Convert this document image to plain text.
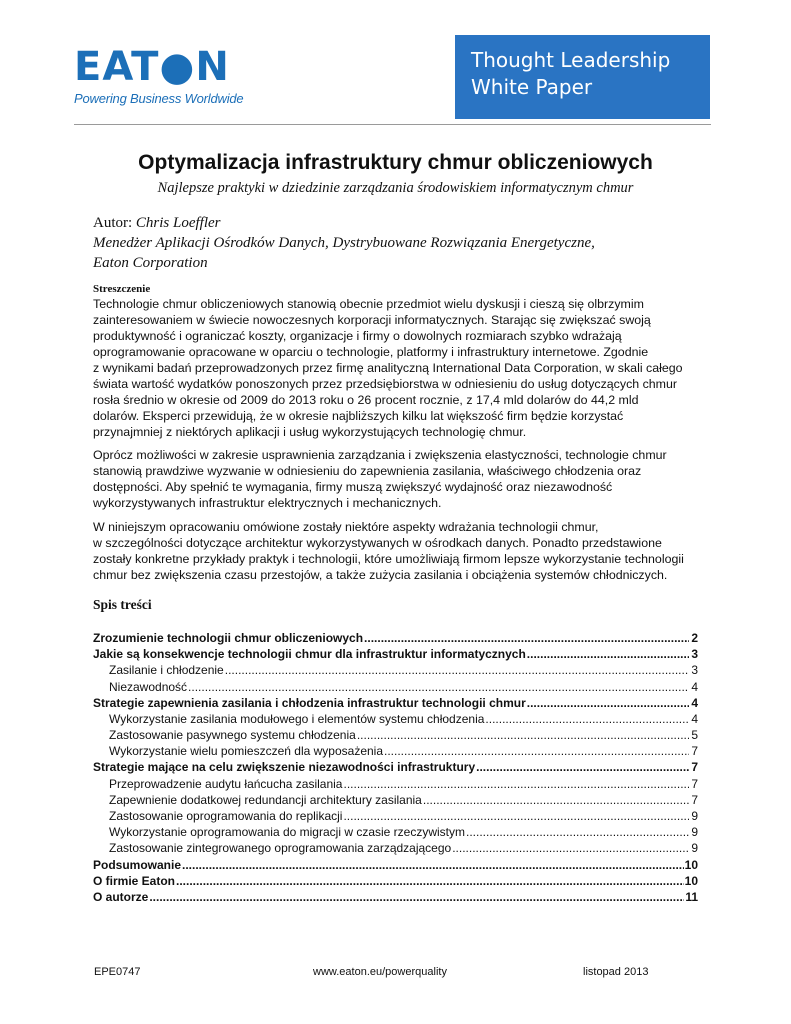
EAT●N
Powering Business Worldwide
Thought Leadership
White Paper
Optymalizacja infrastruktury chmur obliczeniowych
Najlepsze praktyki w dziedzinie zarządzania środowiskiem informatycznym chmur
Autor: Chris Loeffler
Menedżer Aplikacji Ośrodków Danych, Dystrybuowane Rozwiązania Energetyczne,
Eaton Corporation
Streszczenie
Technologie chmur obliczeniowych stanowią obecnie przedmiot wielu dyskusji i cieszą się olbrzymim
zainteresowaniem w świecie nowoczesnych korporacji informatycznych. Starając się zwiększać swoją
produktywność i ograniczać koszty, organizacje i firmy o dowolnych rozmiarach szybko wdrażają
oprogramowanie opracowane w oparciu o technologie, platformy i infrastruktury internetowe. Zgodnie
z wynikami badań przeprowadzonych przez firmę analityczną International Data Corporation, w skali całego
świata wartość wydatków ponoszonych przez przedsiębiorstwa w odniesieniu do usług dotyczących chmur
rosła średnio w okresie od 2009 do 2013 roku o 26 procent rocznie, z 17,4 mld dolarów do 44,2 mld
dolarów. Eksperci przewidują, że w okresie najbliższych kilku lat większość firm będzie korzystać
przynajmniej z niektórych aplikacji i usług wykorzystujących technologię chmur.
Oprócz możliwości w zakresie usprawnienia zarządzania i zwiększenia elastyczności, technologie chmur
stanowią prawdziwe wyzwanie w odniesieniu do zapewnienia zasilania, właściwego chłodzenia oraz
dostępności. Aby spełnić te wymagania, firmy muszą zwiększyć wydajność oraz niezawodność
wykorzystywanych infrastruktur elektrycznych i mechanicznych.
W niniejszym opracowaniu omówione zostały niektóre aspekty wdrażania technologii chmur,
w szczególności dotyczące architektur wykorzystywanych w ośrodkach danych. Ponadto przedstawione
zostały konkretne przykłady praktyk i technologii, które umożliwiają firmom lepsze wykorzystanie technologii
chmur bez zwiększenia czasu przestojów, a także zużycia zasilania i obciążenia systemów chłodniczych.
Spis treści
Zrozumienie technologii chmur obliczeniowych .....	2
Jakie są konsekwencje technologii chmur dla infrastruktur informatycznych .....	3
Zasilanie i chłodzenie .....	3
Niezawodność .....	4
Strategie zapewnienia zasilania i chłodzenia infrastruktur technologii chmur .....	4
Wykorzystanie zasilania modułowego i elementów systemu chłodzenia .....	4
Zastosowanie pasywnego systemu chłodzenia .....	5
Wykorzystanie wielu pomieszczeń dla wyposażenia .....	7
Strategie mające na celu zwiększenie niezawodności infrastruktury .....	7
Przeprowadzenie audytu łańcucha zasilania .....	7
Zapewnienie dodatkowej redundancji architektury zasilania .....	7
Zastosowanie oprogramowania do replikacji .....	9
Wykorzystanie oprogramowania do migracji w czasie rzeczywistym .....	9
Zastosowanie zintegrowanego oprogramowania zarządzającego .....	9
Podsumowanie .....	10
O firmie Eaton .....	10
O autorze .....	11
EPE0747	www.eaton.eu/powerquality	listopad 2013
